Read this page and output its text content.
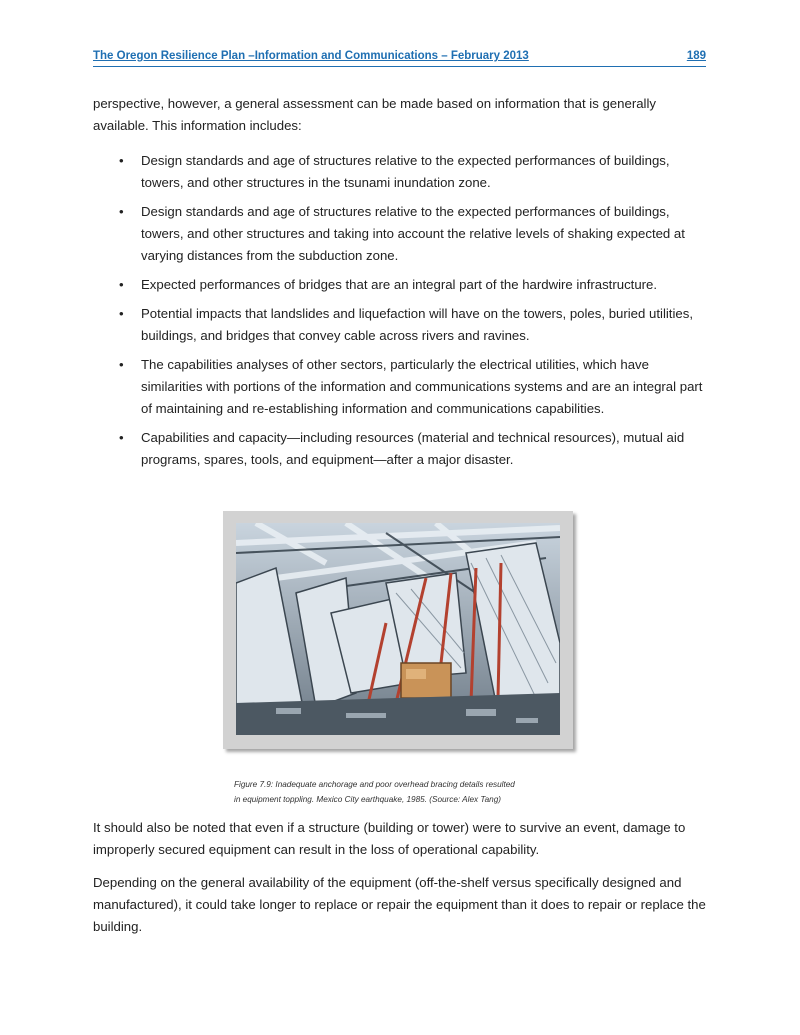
The Oregon Resilience Plan –Information and Communications – February 2013	189

perspective, however, a general assessment can be made based on information that is generally
available. This information includes:

• Design standards and age of structures relative to the expected performances of buildings, towers, and other structures in the tsunami inundation zone.
• Design standards and age of structures relative to the expected performances of buildings, towers, and other structures and taking into account the relative levels of shaking expected at varying distances from the subduction zone.
• Expected performances of bridges that are an integral part of the hardwire infrastructure.
• Potential impacts that landslides and liquefaction will have on the towers, poles, buried utilities, buildings, and bridges that convey cable across rivers and ravines.
• The capabilities analyses of other sectors, particularly the electrical utilities, which have similarities with portions of the information and communications systems and are an integral part of maintaining and re-establishing information and communications capabilities.
• Capabilities and capacity—including resources (material and technical resources), mutual aid programs, spares, tools, and equipment—after a major disaster.
Figure 7.9: Inadequate anchorage and poor overhead bracing details resulted
in equipment toppling. Mexico City earthquake, 1985. (Source: Alex Tang)

It should also be noted that even if a structure (building or tower) were to survive an event, damage to improperly secured equipment can result in the loss of operational capability.

Depending on the general availability of the equipment (off-the-shelf versus specifically designed and manufactured), it could take longer to replace or repair the equipment than it does to repair or replace the building.
